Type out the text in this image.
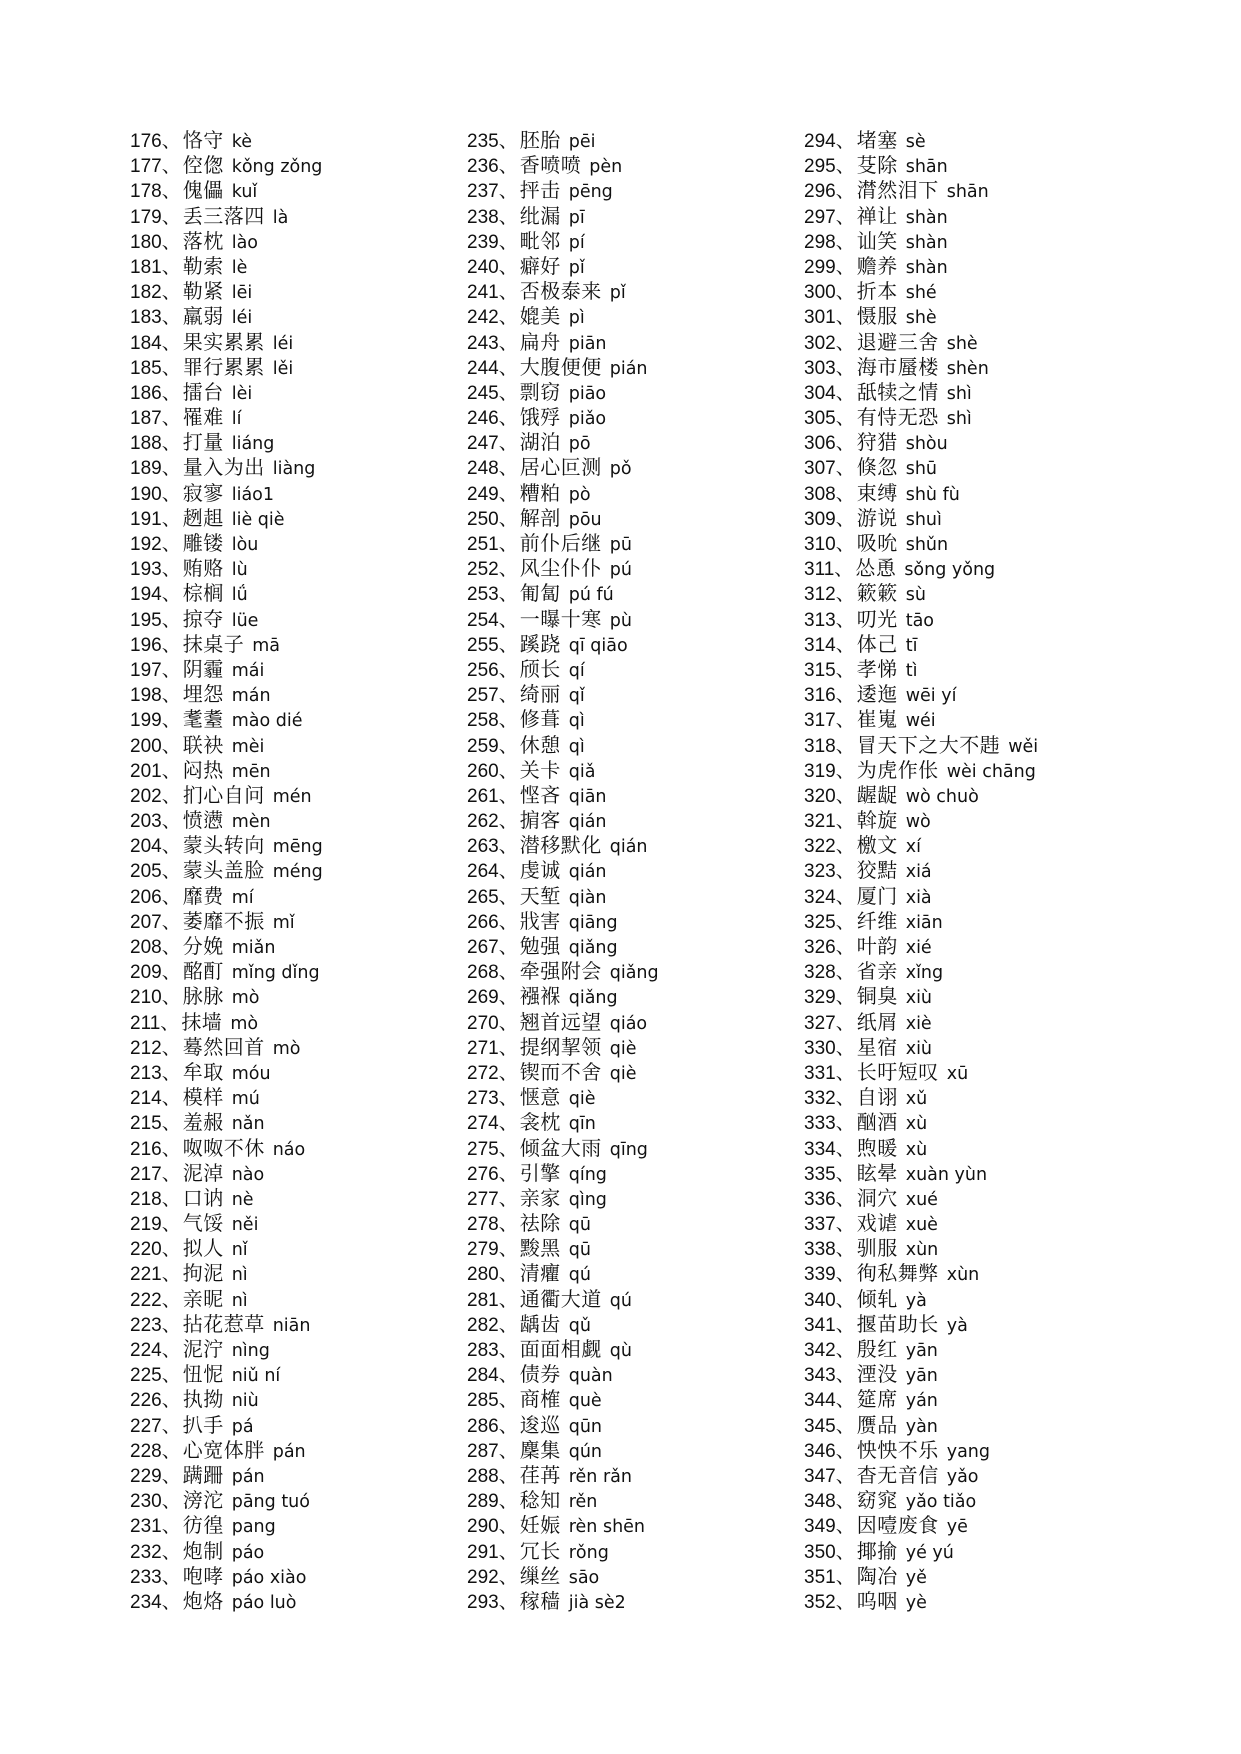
176、 恪守 kè
177、 倥偬 kǒng zǒng
178、 傀儡 kuǐ
179、 丢三落四 là
180、 落枕 lào
181、 勒索 lè
182、 勒紧 lēi
183、 羸弱 léi
184、 果实累累 léi
185、 罪行累累 lěi
186、 擂台 lèi
187、 罹难 lí
188、 打量 liáng
189、 量入为出 liàng
190、 寂寥 liáo1
191、 趔趄 liè qiè
192、 雕镂 lòu
193、 贿赂 lù
194、 棕榈 lǘ
195、 掠夺 lüe
196、 抹桌子 mā
197、 阴霾 mái
198、 埋怨 mán
199、 耄耋 mào dié
200、 联袂 mèi
201、 闷热 mēn
202、 扪心自问 mén
203、 愤懑 mèn
204、 蒙头转向 mēng
205、 蒙头盖脸 méng
206、 靡费 mí
207、 萎靡不振 mǐ
208、 分娩 miǎn
209、 酩酊 mǐng dǐng
210、 脉脉 mò
211、 抹墙 mò
212、 蓦然回首 mò
213、 牟取 móu
214、 模样 mú
215、 羞赧 nǎn
216、 呶呶不休 náo
217、 泥淖 nào
218、 口讷 nè
219、 气馁 něi
220、 拟人 nǐ
221、 拘泥 nì
222、 亲昵 nì
223、 拈花惹草 niān
224、 泥泞 nìng
225、 忸怩 niǔ ní
226、 执拗 niù
227、 扒手 pá
228、 心宽体胖 pán
229、 蹒跚 pán
230、 滂沱 pāng tuó
231、 彷徨 pang
232、 炮制 páo
233、 咆哮 páo xiào
234、 炮烙 páo luò
235、 胚胎 pēi
236、 香喷喷 pèn
237、 抨击 pēng
238、 纰漏 pī
239、 毗邻 pí
240、 癖好 pǐ
241、 否极泰来 pǐ
242、 媲美 pì
243、 扁舟 piān
244、 大腹便便 pián
245、 剽窃 piāo
246、 饿殍 piǎo
247、 湖泊 pō
248、 居心叵测 pǒ
249、 糟粕 pò
250、 解剖 pōu
251、 前仆后继 pū
252、 风尘仆仆 pú
253、 匍匐 pú fú
254、 一曝十寒 pù
255、 蹊跷 qī qiāo
256、 颀长 qí
257、 绮丽 qǐ
258、 修葺 qì
259、 休憩 qì
260、 关卡 qiǎ
261、 悭吝 qiān
262、 掮客 qián
263、 潜移默化 qián
264、 虔诚 qián
265、 天堑 qiàn
266、 戕害 qiāng
267、 勉强 qiǎng
268、 牵强附会 qiǎng
269、 襁褓 qiǎng
270、 翘首远望 qiáo
271、 提纲挈领 qiè
272、 锲而不舍 qiè
273、 惬意 qiè
274、 衾枕 qīn
275、 倾盆大雨 qīng
276、 引擎 qíng
277、 亲家 qìng
278、 祛除 qū
279、 黢黑 qū
280、 清癯 qú
281、 通衢大道 qú
282、 龋齿 qǔ
283、 面面相觑 qù
284、 债券 quàn
285、 商榷 què
286、 逡巡 qūn
287、 麇集 qún
288、 荏苒 rěn rǎn
289、 稔知 rěn
290、 妊娠 rèn shēn
291、 冗长 rǒng
292、 缫丝 sāo
293、 稼穑 jià sè2
294、 堵塞 sè
295、 芟除 shān
296、 潸然泪下 shān
297、 禅让 shàn
298、 讪笑 shàn
299、 赡养 shàn
300、 折本 shé
301、 慑服 shè
302、 退避三舍 shè
303、 海市蜃楼 shèn
304、 舐犊之情 shì
305、 有恃无恐 shì
306、 狩猎 shòu
307、 倏忽 shū
308、 束缚 shù fù
309、 游说 shuì
310、 吸吮 shǔn
311、 怂恿 sǒng yǒng
312、 簌簌 sù
313、 叨光 tāo
314、 体己 tī
315、 孝悌 tì
316、 逶迤 wēi yí
317、 崔嵬 wéi
318、 冒天下之大不韪 wěi
319、 为虎作伥 wèi chāng
320、 龌龊 wò chuò
321、 斡旋 wò
322、 檄文 xí
323、 狡黠 xiá
324、 厦门 xià
325、 纤维 xiān
326、 叶韵 xié
328、 省亲 xǐng
329、 铜臭 xiù
327、 纸屑 xiè
330、 星宿 xiù
331、 长吁短叹 xū
332、 自诩 xǔ
333、 酗酒 xù
334、 煦暖 xù
335、 眩晕 xuàn yùn
336、 洞穴 xué
337、 戏谑 xuè
338、 驯服 xùn
339、 徇私舞弊 xùn
340、 倾轧 yà
341、 揠苗助长 yà
342、 殷红 yān
343、 湮没 yān
344、 筵席 yán
345、 赝品 yàn
346、 怏怏不乐 yang
347、 杳无音信 yǎo
348、 窈窕 yǎo tiǎo
349、 因噎废食 yē
350、 揶揄 yé yú
351、 陶冶 yě
352、 呜咽 yè
